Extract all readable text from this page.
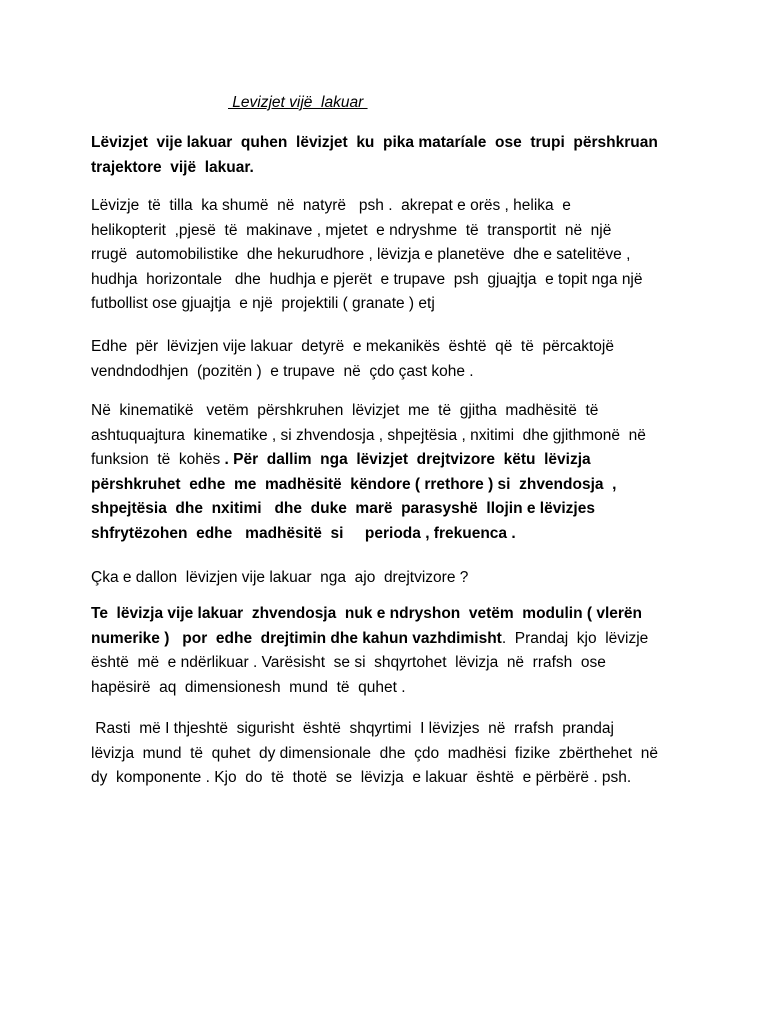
Levizjet vijë  lakuar

Lëvizjet  vije lakuar  quhen  lëvizjet  ku  pika mataríale  ose  trupi  përshkruan
trajektore  vijë  lakuar.

Lëvizje  të  tilla  ka shumë  në  natyrë   psh .  akrepat e orës , helika  e
helikopterit  ,pjesë  të  makinave , mjetet  e ndryshme  të  transportit  në  një
rrugë  automobilistike  dhe hekurudhore , lëvizja e planetëve  dhe e satelitëve ,
hudhja  horizontale   dhe  hudhja e pjerët  e trupave  psh  gjuajtja  e topit nga një
futbollist ose gjuajtja  e një  projektili ( granate ) etj

Edhe  për  lëvizjen vije lakuar  detyrë  e mekanikës  është  që  të  përcaktojë
vendndodhjen  (pozitën )  e trupave  në  çdo çast kohe .

Në  kinematikë   vetëm  përshkruhen  lëvizjet  me  të  gjitha  madhësitë  të
ashtuquajtura  kinematike , si zhvendosja , shpejtësia , nxitimi  dhe gjithmonë  në
funksion  të  kohës . Për  dallim  nga  lëvizjet  drejtvizore  këtu  lëvizja
përshkruhet  edhe  me  madhësitë  këndore ( rrethore ) si  zhvendosja  ,
shpejtësia  dhe  nxitimi   dhe  duke  marë  parasyshë  llojin e lëvizjes
shfrytëzohen  edhe   madhësitë  si     perioda , frekuenca .

Çka e dallon  lëvizjen vije lakuar  nga  ajo  drejtvizore ?

Te  lëvizja vije lakuar  zhvendosja  nuk e ndryshon  vetëm  modulin ( vlerën
numerike )   por  edhe  drejtimin dhe kahun vazhdimisht.  Prandaj  kjo  lëvizje
është  më  e ndërlikuar . Varësisht  se si  shqyrtohet  lëvizja  në  rrafsh  ose
hapësirë  aq  dimensionesh  mund  të  quhet .

Rasti  më I thjeshtë  sigurisht  është  shqyrtimi  I lëvizjes  në  rrafsh  prandaj
lëvizja  mund  të  quhet  dy dimensionale  dhe  çdo  madhësi  fizike  zbërthehet  në
dy  komponente . Kjo  do  të  thotë  se  lëvizja  e lakuar  është  e përbërë . psh.
